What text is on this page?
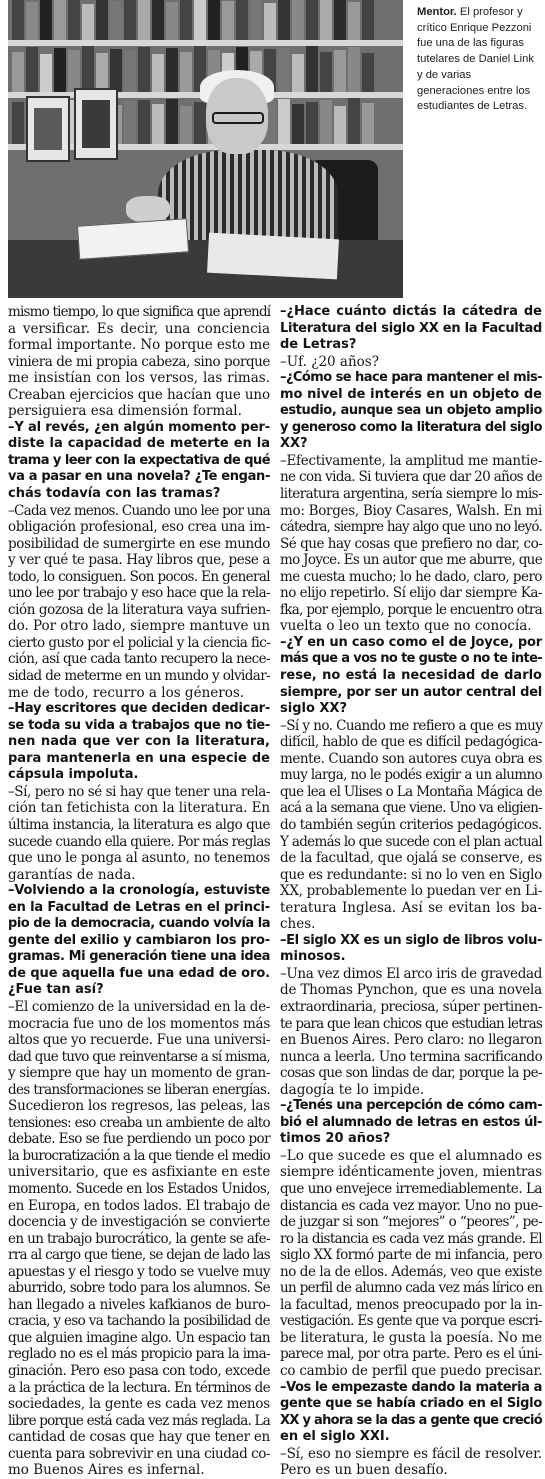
Mentor. El profesor y crítico Enrique Pezzoni fue una de las figuras tutelares de Daniel Link y de varias generaciones entre los estudiantes de Letras.
mismo tiempo, lo que significa que aprendí
a versificar. Es decir, una conciencia
formal importante. No porque esto me
viniera de mi propia cabeza, sino porque
me insistían con los versos, las rimas.
Creaban ejercicios que hacían que uno
persiguiera esa dimensión formal.
–Y al revés, ¿en algún momento per-
diste la capacidad de meterte en la
trama y leer con la expectativa de qué
va a pasar en una novela? ¿Te engan-
chás todavía con las tramas?
–Cada vez menos. Cuando uno lee por una
obligación profesional, eso crea una im-
posibilidad de sumergirte en ese mundo
y ver qué te pasa. Hay libros que, pese a
todo, lo consiguen. Son pocos. En general
uno lee por trabajo y eso hace que la rela-
ción gozosa de la literatura vaya sufrien-
do. Por otro lado, siempre mantuve un
cierto gusto por el policial y la ciencia fic-
ción, así que cada tanto recupero la nece-
sidad de meterme en un mundo y olvidar-
me de todo, recurro a los géneros.
–Hay escritores que deciden dedicar-
se toda su vida a trabajos que no tie-
nen nada que ver con la literatura,
para mantenerla en una especie de
cápsula impoluta.
–Sí, pero no sé si hay que tener una rela-
ción tan fetichista con la literatura. En
última instancia, la literatura es algo que
sucede cuando ella quiere. Por más reglas
que uno le ponga al asunto, no tenemos
garantías de nada.
–Volviendo a la cronología, estuviste
en la Facultad de Letras en el princi-
pio de la democracia, cuando volvía la
gente del exilio y cambiaron los pro-
gramas. Mi generación tiene una idea
de que aquella fue una edad de oro.
¿Fue tan así?
–El comienzo de la universidad en la de-
mocracia fue uno de los momentos más
altos que yo recuerde. Fue una universi-
dad que tuvo que reinventarse a sí misma,
y siempre que hay un momento de gran-
des transformaciones se liberan energías.
Sucedieron los regresos, las peleas, las
tensiones: eso creaba un ambiente de alto
debate. Eso se fue perdiendo un poco por
la burocratización a la que tiende el medio
universitario, que es asfixiante en este
momento. Sucede en los Estados Unidos,
en Europa, en todos lados. El trabajo de
docencia y de investigación se convierte
en un trabajo burocrático, la gente se afe-
rra al cargo que tiene, se dejan de lado las
apuestas y el riesgo y todo se vuelve muy
aburrido, sobre todo para los alumnos. Se
han llegado a niveles kafkianos de buro-
cracia, y eso va tachando la posibilidad de
que alguien imagine algo. Un espacio tan
reglado no es el más propicio para la ima-
ginación. Pero eso pasa con todo, excede
a la práctica de la lectura. En términos de
sociedades, la gente es cada vez menos
libre porque está cada vez más reglada. La
cantidad de cosas que hay que tener en
cuenta para sobrevivir en una ciudad co-
mo Buenos Aires es infernal.
–¿Hace cuánto dictás la cátedra de
Literatura del siglo XX en la Facultad
de Letras?
–Uf. ¿20 años?
–¿Cómo se hace para mantener el mis-
mo nivel de interés en un objeto de
estudio, aunque sea un objeto amplio
y generoso como la literatura del siglo
XX?
–Efectivamente, la amplitud me mantie-
ne con vida. Si tuviera que dar 20 años de
literatura argentina, sería siempre lo mis-
mo: Borges, Bioy Casares, Walsh. En mi
cátedra, siempre hay algo que uno no leyó.
Sé que hay cosas que prefiero no dar, co-
mo Joyce. Es un autor que me aburre, que
me cuesta mucho; lo he dado, claro, pero
no elijo repetirlo. Sí elijo dar siempre Ka-
fka, por ejemplo, porque le encuentro otra
vuelta o leo un texto que no conocía.
–¿Y en un caso como el de Joyce, por
más que a vos no te guste o no te inte-
rese, no está la necesidad de darlo
siempre, por ser un autor central del
siglo XX?
–Sí y no. Cuando me refiero a que es muy
difícil, hablo de que es difícil pedagógica-
mente. Cuando son autores cuya obra es
muy larga, no le podés exigir a un alumno
que lea el Ulises o La Montaña Mágica de
acá a la semana que viene. Uno va eligien-
do también según criterios pedagógicos.
Y además lo que sucede con el plan actual
de la facultad, que ojalá se conserve, es
que es redundante: si no lo ven en Siglo
XX, probablemente lo puedan ver en Li-
teratura Inglesa. Así se evitan los ba-
ches.
–El siglo XX es un siglo de libros volu-
minosos.
–Una vez dimos El arco iris de gravedad
de Thomas Pynchon, que es una novela
extraordinaria, preciosa, súper pertinen-
te para que lean chicos que estudian letras
en Buenos Aires. Pero claro: no llegaron
nunca a leerla. Uno termina sacrificando
cosas que son lindas de dar, porque la pe-
dagogía te lo impide.
–¿Tenés una percepción de cómo cam-
bió el alumnado de letras en estos úl-
timos 20 años?
–Lo que sucede es que el alumnado es
siempre idénticamente joven, mientras
que uno envejece irremediablemente. La
distancia es cada vez mayor. Uno no pue-
de juzgar si son “mejores” o “peores”, pe-
ro la distancia es cada vez más grande. El
siglo XX formó parte de mi infancia, pero
no de la de ellos. Además, veo que existe
un perfil de alumno cada vez más lírico en
la facultad, menos preocupado por la in-
vestigación. Es gente que va porque escri-
be literatura, le gusta la poesía. No me
parece mal, por otra parte. Pero es el úni-
co cambio de perfil que puedo precisar.
–Vos le empezaste dando la materia a
gente que se había criado en el Siglo
XX y ahora se la das a gente que creció
en el siglo XXI.
–Sí, eso no siempre es fácil de resolver.
Pero es un buen desafío.
